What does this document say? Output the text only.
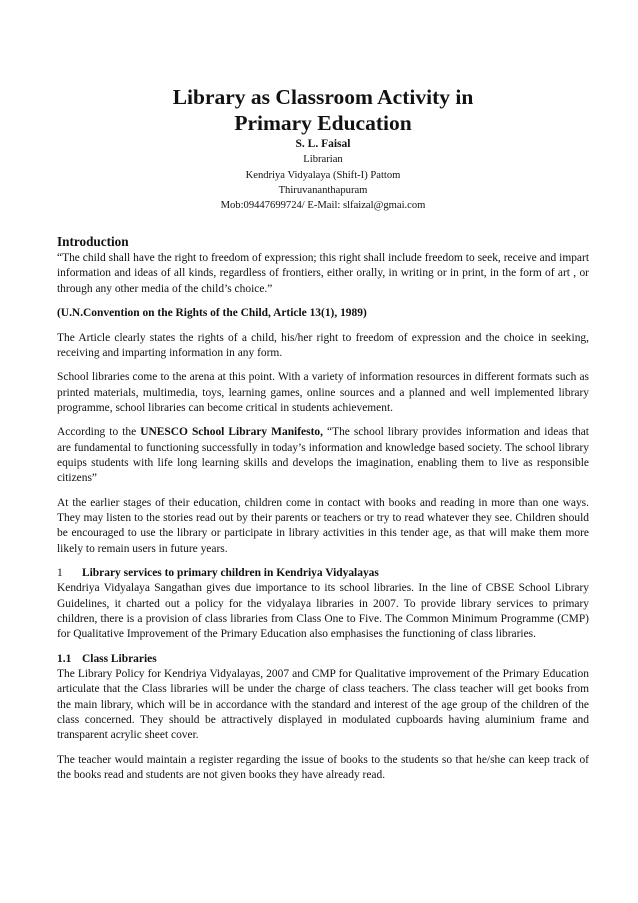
Library as Classroom Activity in
Primary Education
S. L. Faisal
Librarian
Kendriya Vidyalaya (Shift-I) Pattom
Thiruvananthapuram
Mob:09447699724/ E-Mail: slfaizal@gmai.com
Introduction

“The child shall have the right to freedom of expression; this right shall include freedom to seek, receive and impart information and ideas of all kinds, regardless of frontiers, either orally, in writing or in print, in the form of art , or through any other media of the child’s choice.”

(U.N.Convention on the Rights of the Child, Article 13(1), 1989)

The Article clearly states the rights of a child, his/her right to freedom of expression and the choice in seeking, receiving and imparting information in any form.

School libraries come to the arena at this point. With a variety of information resources in different formats such as printed materials, multimedia, toys, learning games, online sources and a planned and well implemented library programme, school libraries can become critical in students achievement.

According to the UNESCO School Library Manifesto, “The school library provides information and ideas that are fundamental to functioning successfully in today’s information and knowledge based society. The school library equips students with life long learning skills and develops the imagination, enabling them to live as responsible citizens”

At the earlier stages of their education, children come in contact with books and reading in more than one ways. They may listen to the stories read out by their parents or teachers or try to read whatever they see. Children should be encouraged to use the library or participate in library activities in this tender age, as that will make them more likely to remain users in future years.

1 Library services to primary children in Kendriya Vidyalayas

Kendriya Vidyalaya Sangathan gives due importance to its school libraries. In the line of CBSE School Library Guidelines, it charted out a policy for the vidyalaya libraries in 2007. To provide library services to primary children, there is a provision of class libraries from Class One to Five. The Common Minimum Programme (CMP) for Qualitative Improvement of the Primary Education also emphasises the functioning of class libraries.

1.1 Class Libraries

The Library Policy for Kendriya Vidyalayas, 2007 and CMP for Qualitative improvement of the Primary Education articulate that the Class libraries will be under the charge of class teachers. The class teacher will get books from the main library, which will be in accordance with the standard and interest of the age group of the children of the class concerned. They should be attractively displayed in modulated cupboards having aluminium frame and transparent acrylic sheet cover.

The teacher would maintain a register regarding the issue of books to the students so that he/she can keep track of the books read and students are not given books they have already read.
